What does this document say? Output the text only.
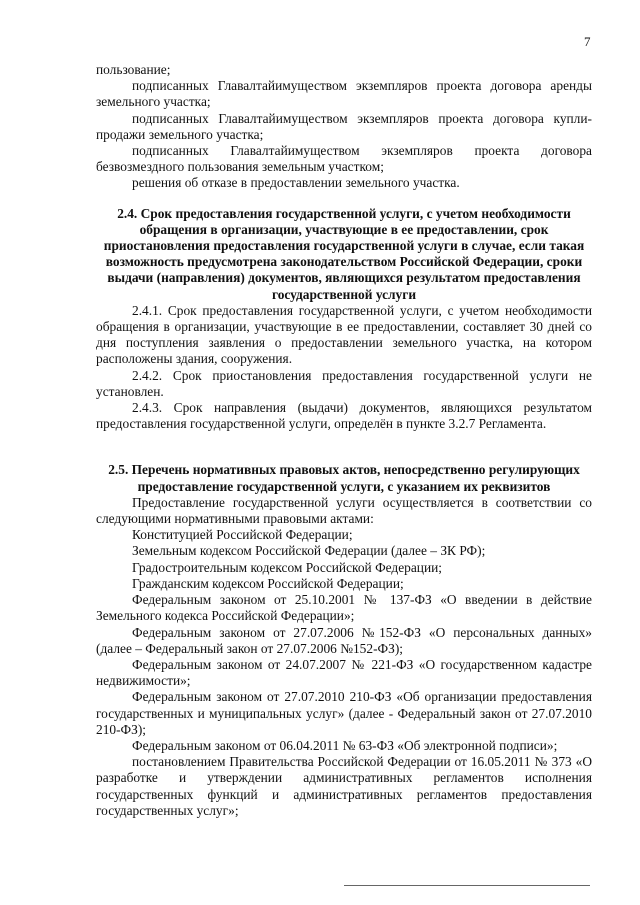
7

пользование;

подписанных Главалтайимуществом экземпляров проекта договора аренды земельного участка;

подписанных Главалтайимуществом экземпляров проекта договора купли-продажи земельного участка;

подписанных Главалтайимуществом экземпляров проекта договора безвозмездного пользования земельным участком;

решения об отказе в предоставлении земельного участка.

2.4. Срок предоставления государственной услуги, с учетом необходимости обращения в организации, участвующие в ее предоставлении, срок приостановления предоставления государственной услуги в случае, если такая возможность предусмотрена законодательством Российской Федерации, сроки выдачи (направления) документов, являющихся результатом предоставления государственной услуги

2.4.1. Срок предоставления государственной услуги, с учетом необходимости обращения в организации, участвующие в ее предоставлении, составляет 30 дней со дня поступления заявления о предоставлении земельного участка, на котором расположены здания, сооружения.

2.4.2. Срок приостановления предоставления государственной услуги не установлен.

2.4.3. Срок направления (выдачи) документов, являющихся результатом предоставления государственной услуги, определён в пункте 3.2.7 Регламента.

2.5. Перечень нормативных правовых актов, непосредственно регулирующих предоставление государственной услуги, с указанием их реквизитов

Предоставление государственной услуги осуществляется в соответствии со следующими нормативными правовыми актами:

Конституцией Российской Федерации;

Земельным кодексом Российской Федерации (далее – ЗК РФ);

Градостроительным кодексом Российской Федерации;

Гражданским кодексом Российской Федерации;

Федеральным законом от 25.10.2001 № 137-ФЗ «О введении в действие Земельного кодекса Российской Федерации»;

Федеральным законом от 27.07.2006 №152-ФЗ «О персональных данных» (далее – Федеральный закон от 27.07.2006 №152-ФЗ);

Федеральным законом от 24.07.2007 № 221-ФЗ «О государственном кадастре недвижимости»;

Федеральным законом от 27.07.2010 210-ФЗ «Об организации предоставления государственных и муниципальных услуг» (далее - Федеральный закон от 27.07.2010 210-ФЗ);

Федеральным законом от 06.04.2011 № 63-ФЗ «Об электронной подписи»;

постановлением Правительства Российской Федерации от 16.05.2011 № 373 «О разработке и утверждении административных регламентов исполнения государственных функций и административных регламентов предоставления государственных услуг»;
